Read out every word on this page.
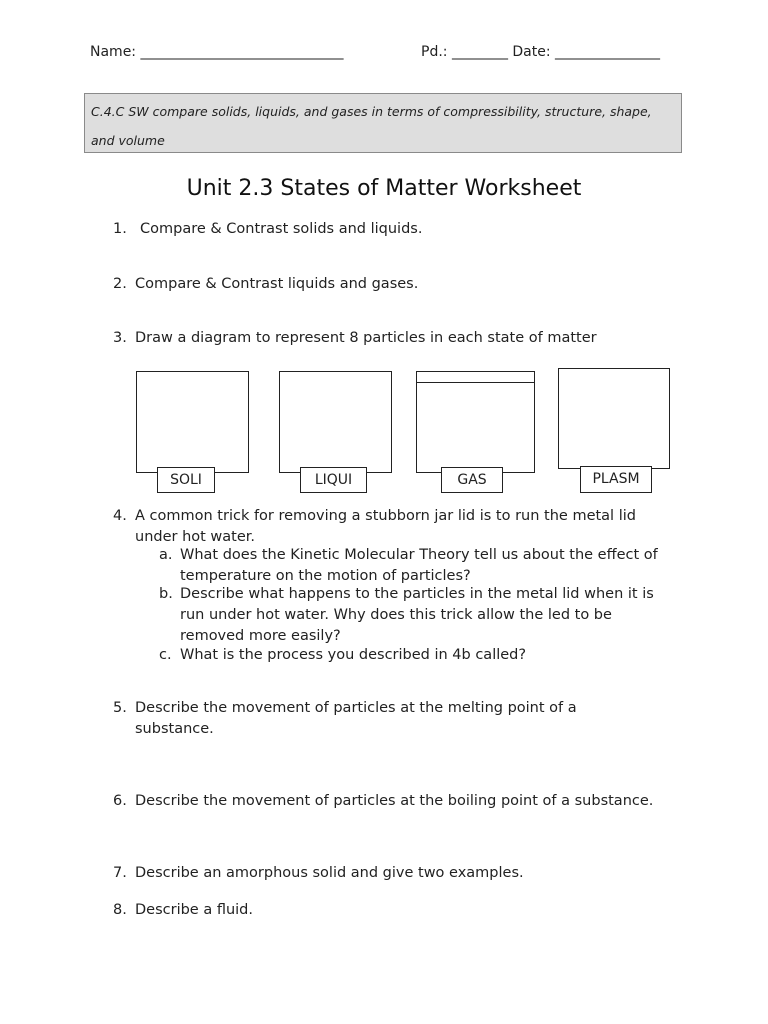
Name: _____________________________	Pd.: ________ Date: _______________
C.4.C SW compare solids, liquids, and gases in terms of compressibility, structure, shape, and volume
Unit 2.3 States of Matter Worksheet
1. Compare & Contrast solids and liquids.
2. Compare & Contrast liquids and gases.
3. Draw a diagram to represent 8 particles in each state of matter
SOLI	LIQUI	GAS	PLASM
4. A common trick for removing a stubborn jar lid is to run the metal lid under hot water.
a. What does the Kinetic Molecular Theory tell us about the effect of temperature on the motion of particles?
b. Describe what happens to the particles in the metal lid when it is run under hot water. Why does this trick allow the led to be removed more easily?
c. What is the process you described in 4b called?
5. Describe the movement of particles at the melting point of a substance.
6. Describe the movement of particles at the boiling point of a substance.
7. Describe an amorphous solid and give two examples.
8. Describe a fluid.
